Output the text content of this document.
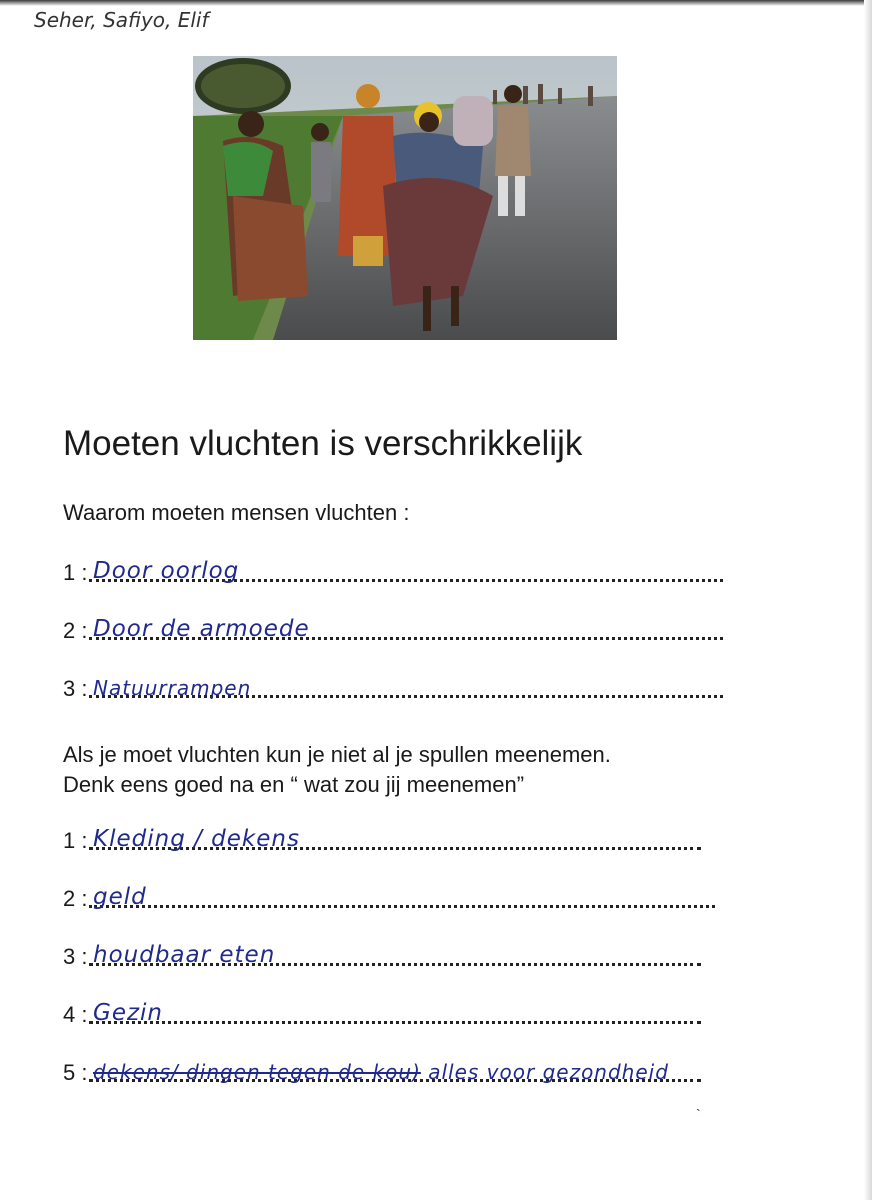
Seher, Safiyo, Elif
Moeten vluchten is verschrikkelijk

Waarom moeten mensen vluchten :

1 : Door oorlog
2 : Door de armoede
3 : Natuurrampen

Als je moet vluchten kun je niet al je spullen meenemen.

Denk eens goed na en “ wat zou jij meenemen”

1 : Kleding / dekens
2 : geld
3 : houdbaar eten
4 : Gezin
5 : dekens/ dingen tegen de kou) alles voor gezondheid
`
